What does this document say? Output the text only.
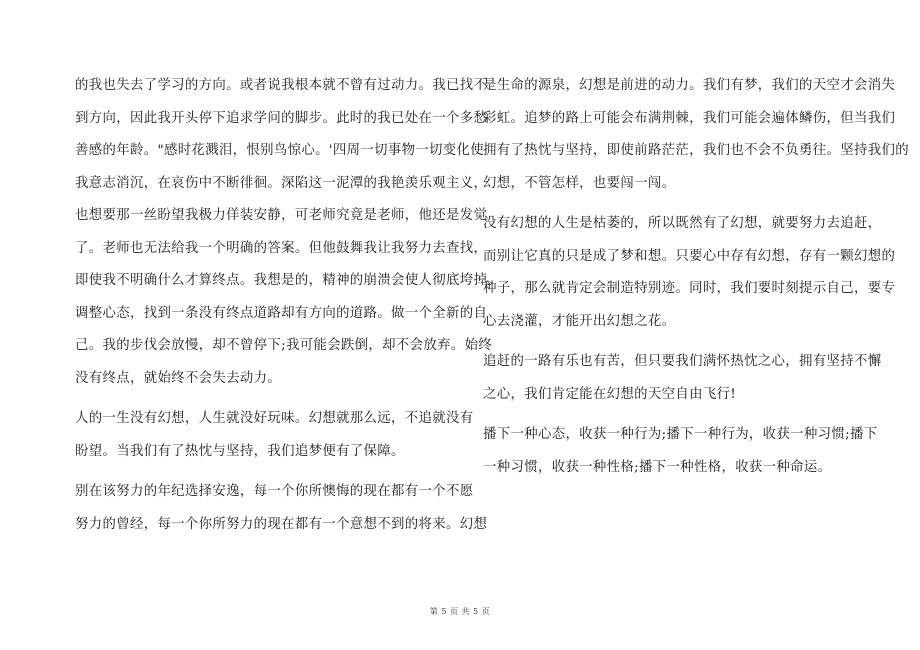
的我也失去了学习的方向。或者说我根本就不曾有过动力。我已找不
到方向，因此我开头停下追求学问的脚步。此时的我已处在一个多愁
善感的年龄。"感时花溅泪，恨别鸟惊心。'四周一切事物一切变化使
我意志消沉，在哀伤中不断徘徊。深陷这一泥潭的我艳羡乐观主义，
也想要那一丝盼望我极力佯装安静，可老师究竟是老师，他还是发觉
了。老师也无法给我一个明确的答案。但他鼓舞我让我努力去查找，
即使我不明确什么才算终点。我想是的，精神的崩溃会使人彻底垮掉。
调整心态，找到一条没有终点道路却有方向的道路。做一个全新的自
己。我的步伐会放慢，却不曾停下;我可能会跌倒，却不会放弃。始终
没有终点，就始终不会失去动力。
人的一生没有幻想，人生就没好玩味。幻想就那么远，不追就没有
盼望。当我们有了热忱与坚持，我们追梦便有了保障。
别在该努力的年纪选择安逸，每一个你所懊悔的现在都有一个不愿
努力的曾经，每一个你所努力的现在都有一个意想不到的将来。幻想
是生命的源泉，幻想是前进的动力。我们有梦，我们的天空才会消失
彩虹。追梦的路上可能会布满荆棘，我们可能会遍体鳞伤，但当我们
拥有了热忱与坚持，即使前路茫茫，我们也不会不负勇往。坚持我们的
幻想，不管怎样，也要闯一闯。
没有幻想的人生是枯萎的，所以既然有了幻想，就要努力去追赶，
而别让它真的只是成了梦和想。只要心中存有幻想，存有一颗幻想的
种子，那么就肯定会制造特别迹。同时，我们要时刻提示自己，要专
心去浇灌，才能开出幻想之花。
追赶的一路有乐也有苦，但只要我们满怀热忱之心，拥有坚持不懈
之心，我们肯定能在幻想的天空自由飞行!
播下一种心态，收获一种行为;播下一种行为，收获一种习惯;播下
一种习惯，收获一种性格;播下一种性格，收获一种命运。
第 5 页 共 5 页
